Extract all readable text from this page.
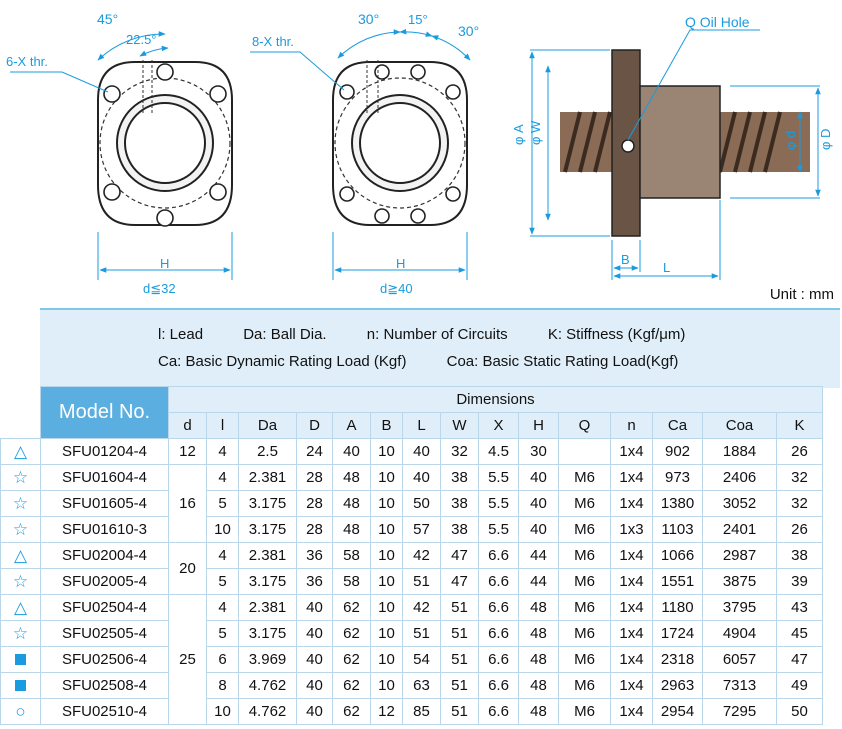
45°
22.5°
6-X thr.
H
d≦32
30° 15°
30°
8-X thr.
H
d≧40
Q Oil Hole
φ A φ W	φ d φ D
B
L
Unit : mm
l: Lead	Da: Ball Dia.	n: Number of Circuits	K: Stiffness (Kgf/μm)
Ca: Basic Dynamic Rating Load (Kgf)	Coa: Basic Static Rating Load(Kgf)
	Model No.	Dimensions														
		d	l	Da	D	A	B	L	W	X	H	Q	n	Ca	Coa	K
△	SFU01204-4	12	4	2.5	24	40	10	40	32	4.5	30		1x4	902	1884	26
☆	SFU01604-4	16	4	2.381	28	48	10	40	38	5.5	40	M6	1x4	973	2406	32
☆	SFU01605-4		5	3.175	28	48	10	50	38	5.5	40	M6	1x4	1380	3052	32
☆	SFU01610-3		10	3.175	28	48	10	57	38	5.5	40	M6	1x3	1103	2401	26
△	SFU02004-4	20	4	2.381	36	58	10	42	47	6.6	44	M6	1x4	1066	2987	38
☆	SFU02005-4		5	3.175	36	58	10	51	47	6.6	44	M6	1x4	1551	3875	39
△	SFU02504-4	25	4	2.381	40	62	10	42	51	6.6	48	M6	1x4	1180	3795	43
☆	SFU02505-4		5	3.175	40	62	10	51	51	6.6	48	M6	1x4	1724	4904	45
	SFU02506-4		6	3.969	40	62	10	54	51	6.6	48	M6	1x4	2318	6057	47
	SFU02508-4		8	4.762	40	62	10	63	51	6.6	48	M6	1x4	2963	7313	49
○	SFU02510-4		10	4.762	40	62	12	85	51	6.6	48	M6	1x4	2954	7295	50
